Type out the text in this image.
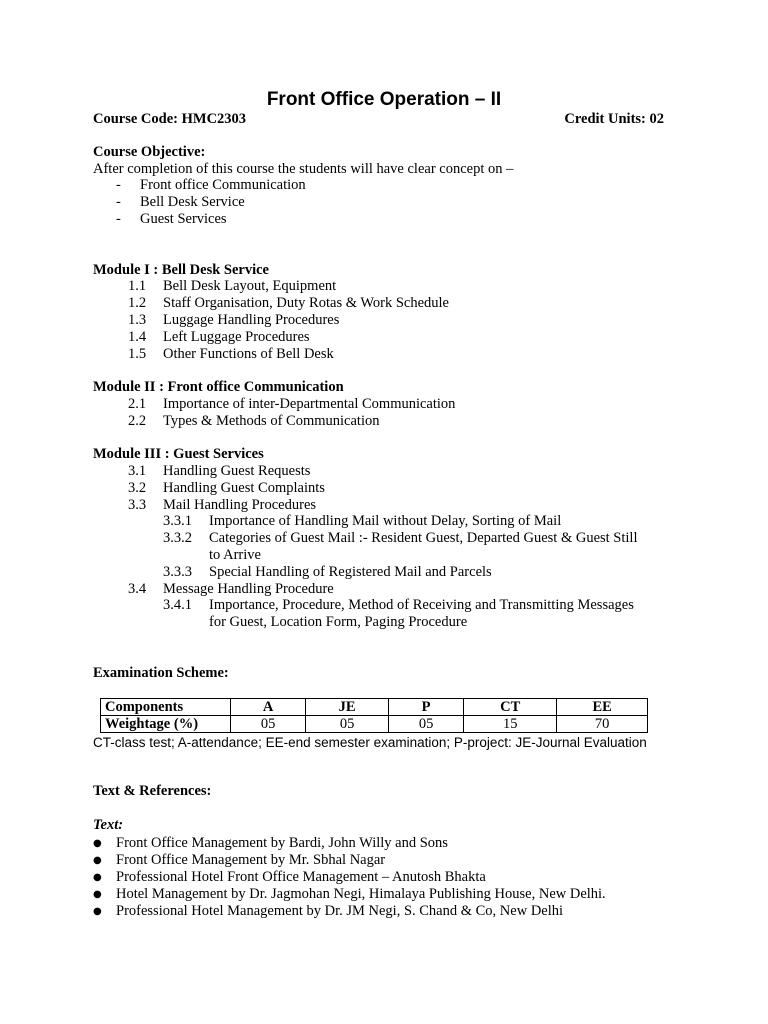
Front Office Operation – II
Course Code: HMC2303	Credit Units: 02
Course Objective:
After completion of this course the students will have clear concept on –
- Front office Communication
- Bell Desk Service
- Guest Services
Module I : Bell Desk Service
1.1 Bell Desk Layout, Equipment
1.2 Staff Organisation, Duty Rotas & Work Schedule
1.3 Luggage Handling Procedures
1.4 Left Luggage Procedures
1.5 Other Functions of Bell Desk
Module II : Front office Communication
2.1 Importance of inter-Departmental Communication
2.2 Types & Methods of Communication
Module III : Guest Services
3.1 Handling Guest Requests
3.2 Handling Guest Complaints
3.3 Mail Handling Procedures
3.3.1 Importance of Handling Mail without Delay, Sorting of Mail
3.3.2 Categories of Guest Mail :- Resident Guest, Departed Guest & Guest Still
to Arrive
3.3.3 Special Handling of Registered Mail and Parcels
3.4 Message Handling Procedure
3.4.1 Importance, Procedure, Method of Receiving and Transmitting Messages
for Guest, Location Form, Paging Procedure
Examination Scheme:
Components	A	JE	P	CT	EE
Weightage (%)	05	05	05	15	70
CT-class test; A-attendance; EE-end semester examination; P-project: JE-Journal Evaluation
Text & References:
Text:
● Front Office Management by Bardi, John Willy and Sons
● Front Office Management by Mr. Sbhal Nagar
● Professional Hotel Front Office Management – Anutosh Bhakta
● Hotel Management by Dr. Jagmohan Negi, Himalaya Publishing House, New Delhi.
● Professional Hotel Management by Dr. JM Negi, S. Chand & Co, New Delhi
